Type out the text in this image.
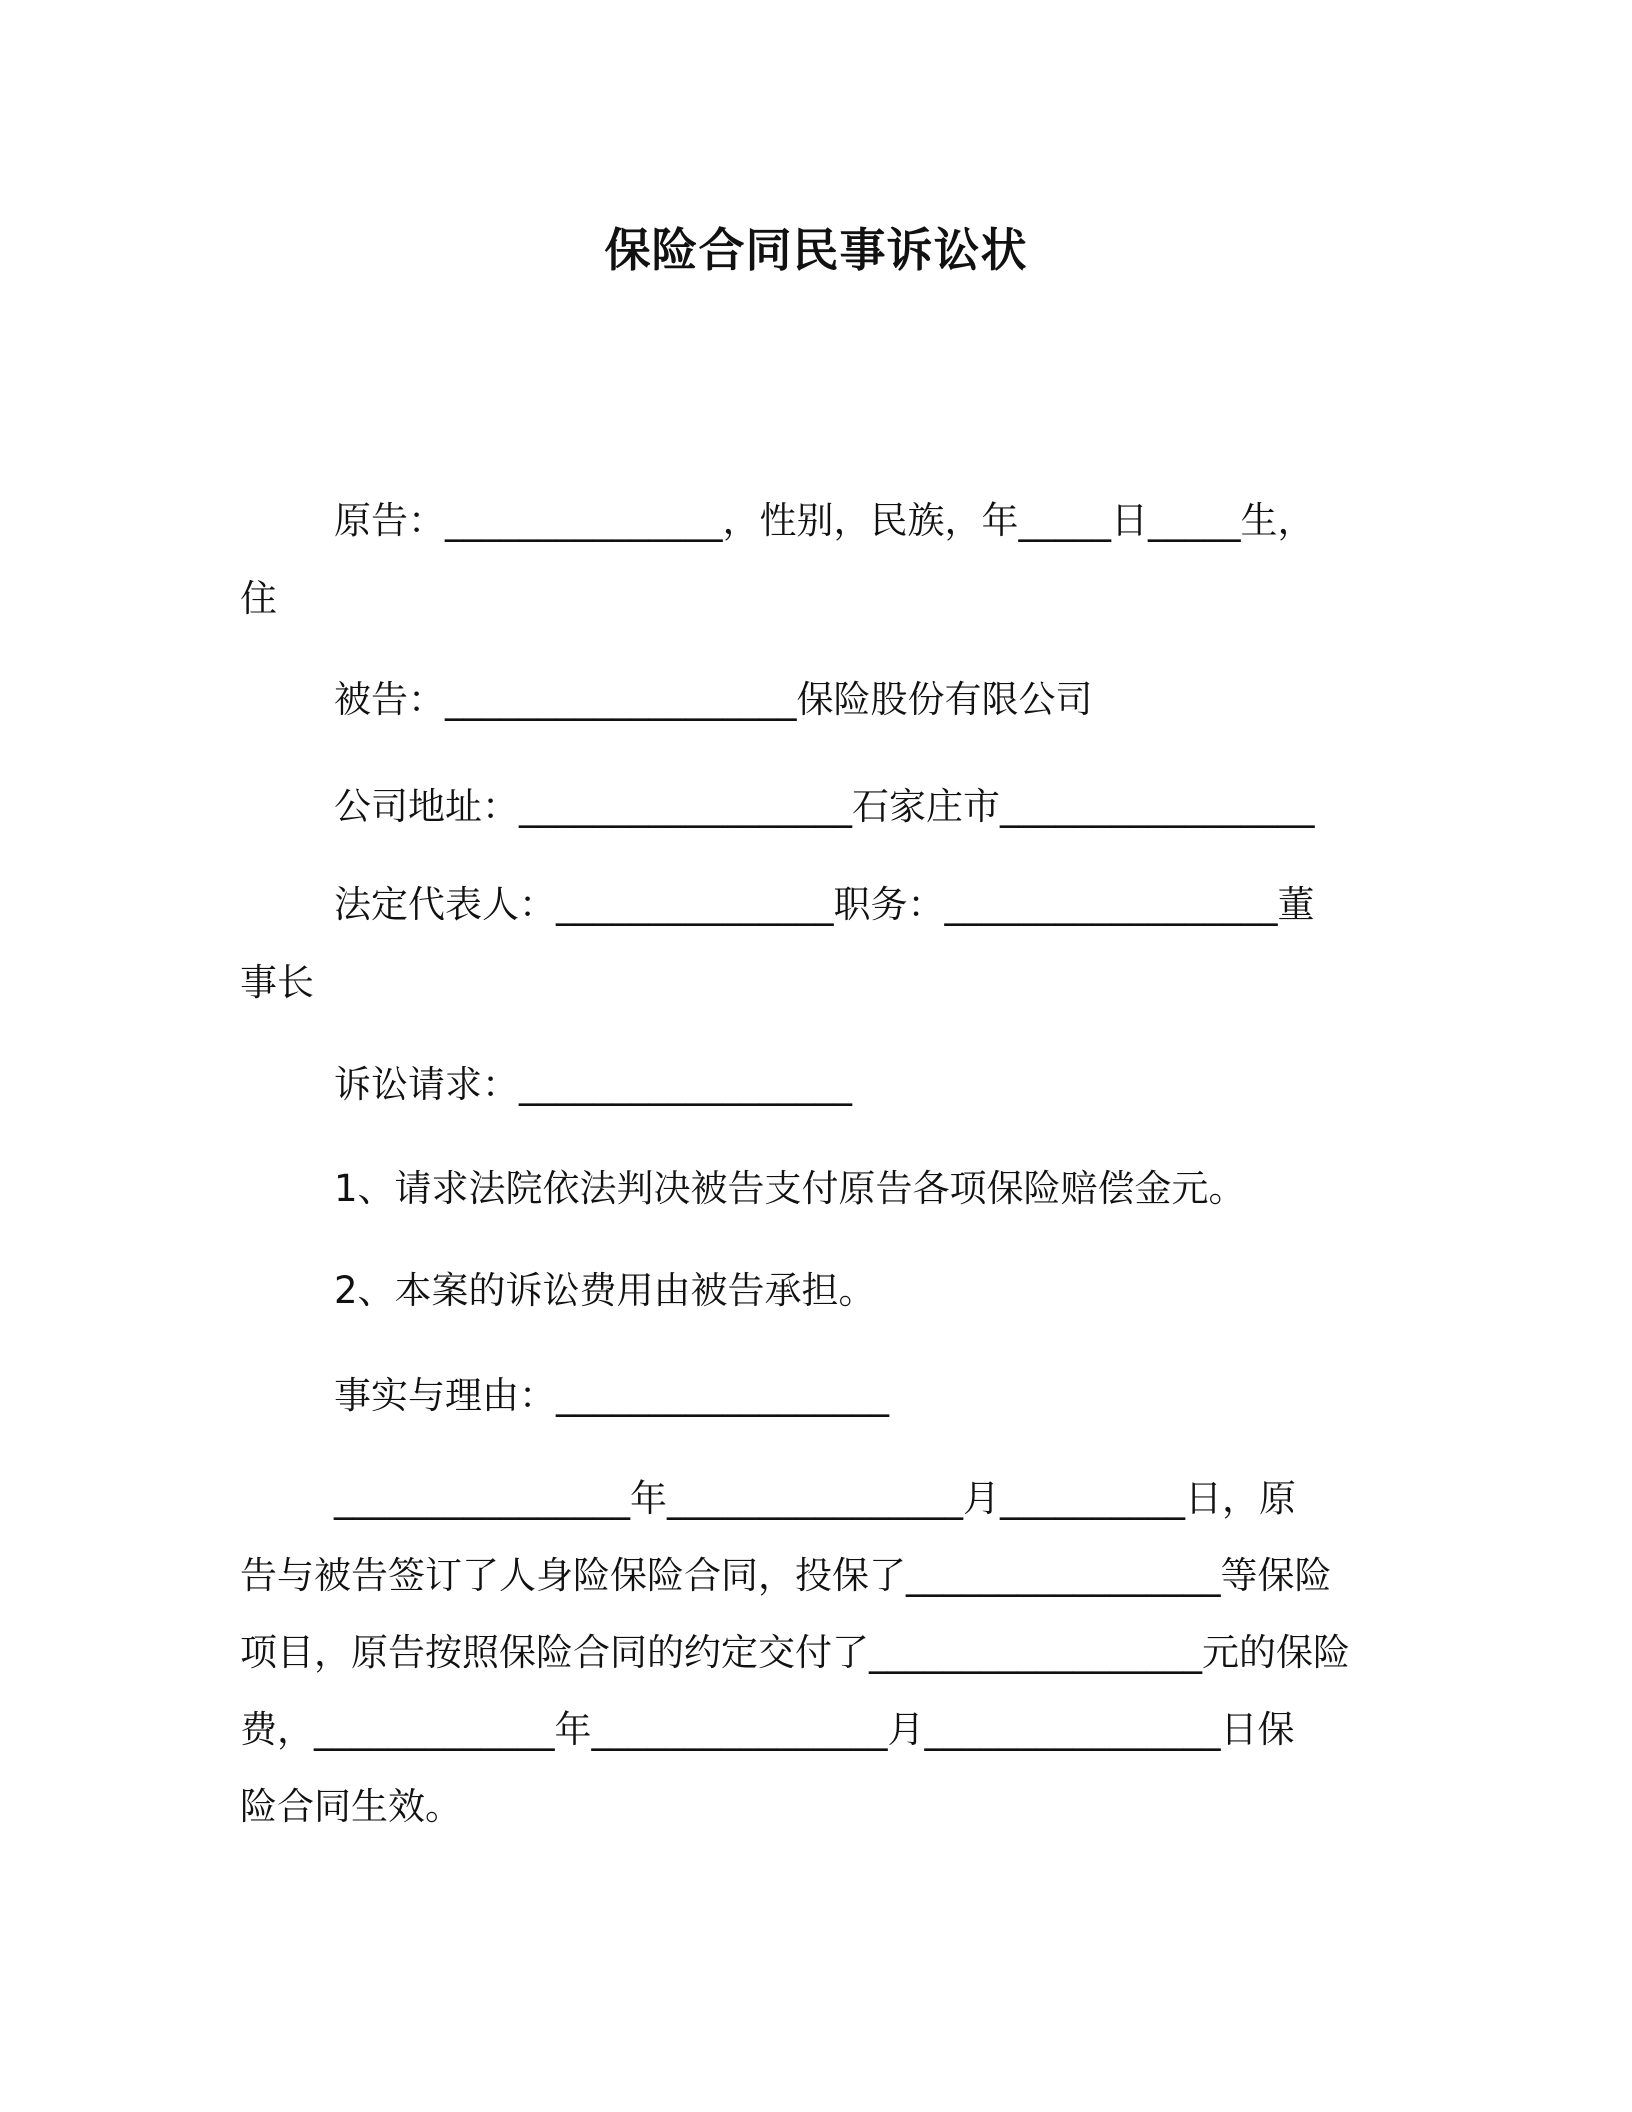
保险合同民事诉讼状
原告：_______________，性别，民族，年_____日_____生，
住
被告：___________________保险股份有限公司
公司地址：__________________石家庄市_________________
法定代表人：_______________职务：__________________董
事长
诉讼请求：__________________
1、请求法院依法判决被告支付原告各项保险赔偿金元。
2、本案的诉讼费用由被告承担。
事实与理由：__________________
________________年________________月__________日，原
告与被告签订了人身险保险合同，投保了_________________等保险
项目，原告按照保险合同的约定交付了__________________元的保险
费，_____________年________________月________________日保
险合同生效。
